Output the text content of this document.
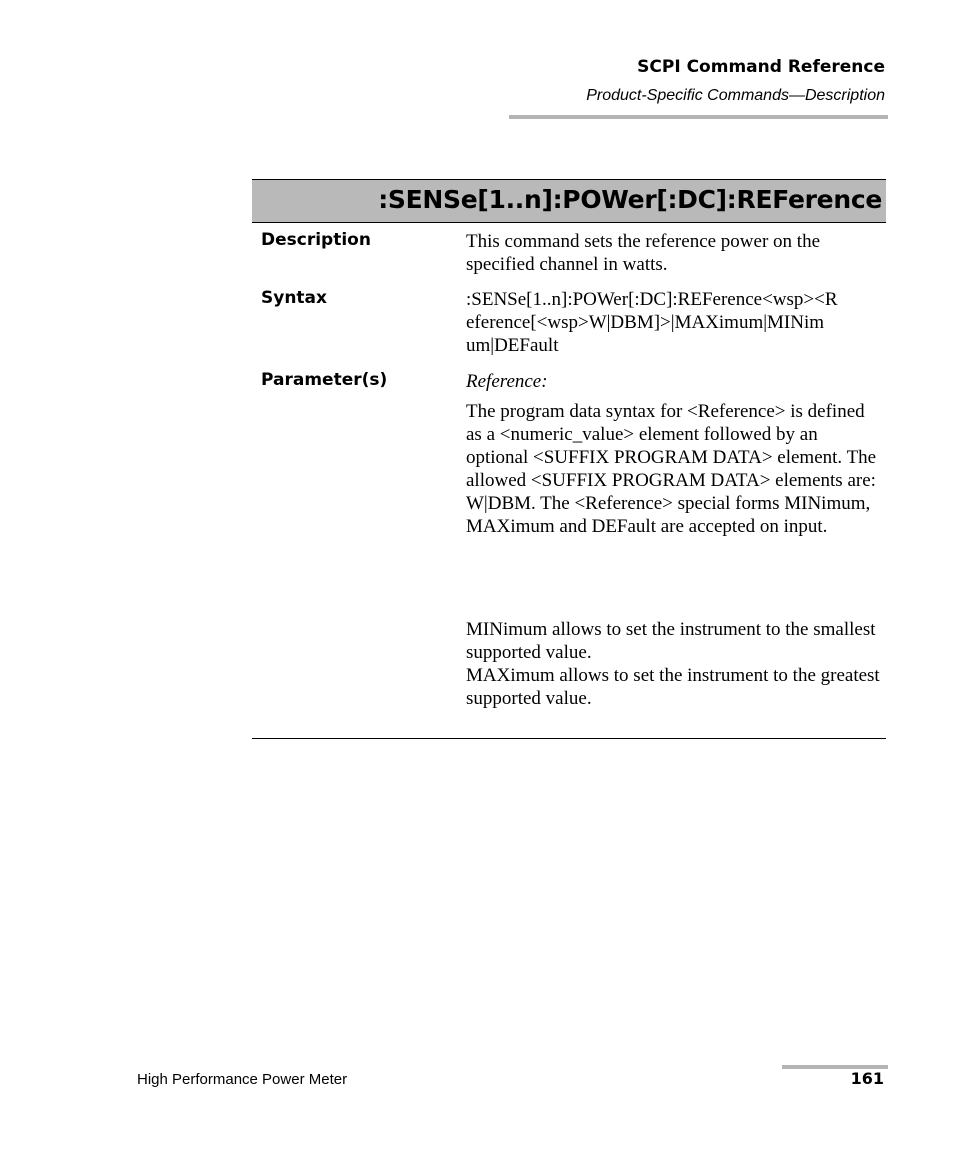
SCPI Command Reference
Product-Specific Commands—Description
:SENSe[1..n]:POWer[:DC]:REFerence
Description	This command sets the reference power on the specified channel in watts.

Syntax	:SENSe[1..n]:POWer[:DC]:REFerence<wsp><R

eference[<wsp>W|DBM]>|MAXimum|MINim

um|DEFault

Parameter(s)	Reference:

The program data syntax for <Reference> is defined as a <numeric_value> element followed by an optional <SUFFIX PROGRAM DATA> element. The allowed <SUFFIX PROGRAM DATA> elements are: W|DBM. The <Reference> special forms MINimum, MAXimum and DEFault are accepted on input.

MINimum allows to set the instrument to the smallest supported value.

MAXimum allows to set the instrument to the greatest supported value.

High Performance Power Meter	161
